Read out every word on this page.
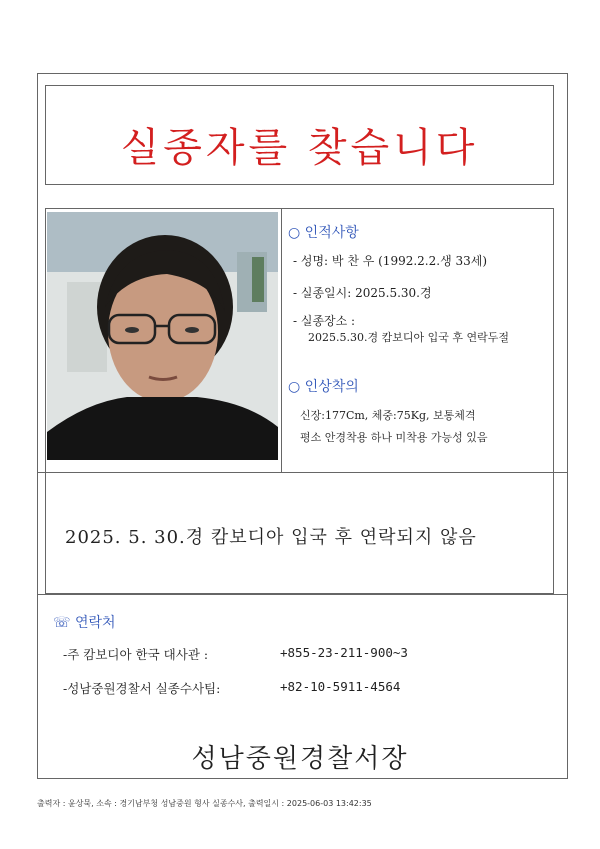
실종자를 찾습니다
○ 인적사항
- 성명: 박 찬 우 (1992.2.2.생 33세)
- 실종일시: 2025.5.30.경
- 실종장소 :
2025.5.30.경 캄보디아 입국 후 연락두절
○ 인상착의
신장:177Cm, 체중:75Kg, 보통체격
평소 안경착용 하나 미착용 가능성 있음
2025. 5. 30.경 캄보디아 입국 후 연락되지 않음
☏ 연락처
-주 캄보디아 한국 대사관 :	+855-23-211-900~3
-성남중원경찰서 실종수사팀:	+82-10-5911-4564
성남중원경찰서장
출력자 : 윤상묵, 소속 : 경기남부청 성남중원 형사 실종수사, 출력일시 : 2025-06-03 13:42:35
